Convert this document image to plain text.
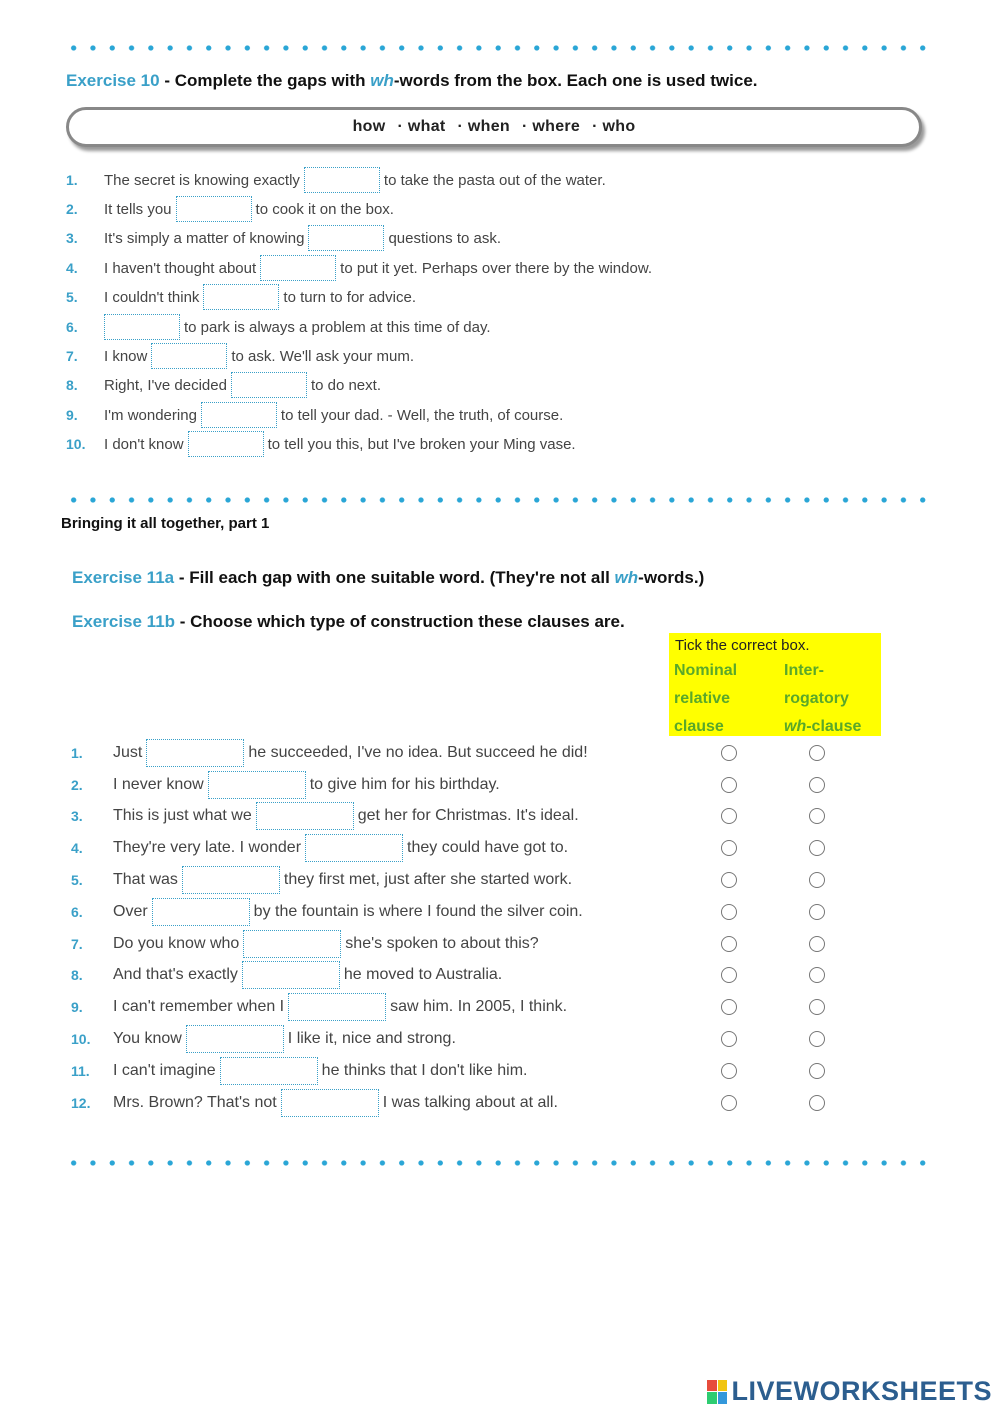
Exercise 10 - Complete the gaps with wh-words from the box. Each one is used twice.
how · what · when · where · who
1. The secret is knowing exactly	to take the pasta out of the water.
2. It tells you	to cook it on the box.
3. It's simply a matter of knowing	questions to ask.
4. I haven't thought about	to put it yet. Perhaps over there by the window.
5. I couldn't think	to turn to for advice.
6.	to park is always a problem at this time of day.
7. I know	to ask. We'll ask your mum.
8. Right, I've decided	to do next.
9. I'm wondering	to tell your dad. - Well, the truth, of course.
10. I don't know	to tell you this, but I've broken your Ming vase.
Bringing it all together, part 1
Exercise 11a - Fill each gap with one suitable word. (They're not all wh-words.)
Exercise 11b - Choose which type of construction these clauses are.
Tick the correct box.
Nominal
relative
clause
Inter-
rogatory
wh-clause
1. Just	he succeeded, I've no idea. But succeed he did!
2. I never know	to give him for his birthday.
3. This is just what we	get her for Christmas. It's ideal.
4. They're very late. I wonder	they could have got to.
5. That was	they first met, just after she started work.
6. Over	by the fountain is where I found the silver coin.
7. Do you know who	she's spoken to about this?
8. And that's exactly	he moved to Australia.
9. I can't remember when I	saw him. In 2005, I think.
10. You know	I like it, nice and strong.
11. I can't imagine	he thinks that I don't like him.
12. Mrs. Brown? That's not	I was talking about at all.
LIVEWORKSHEETS
